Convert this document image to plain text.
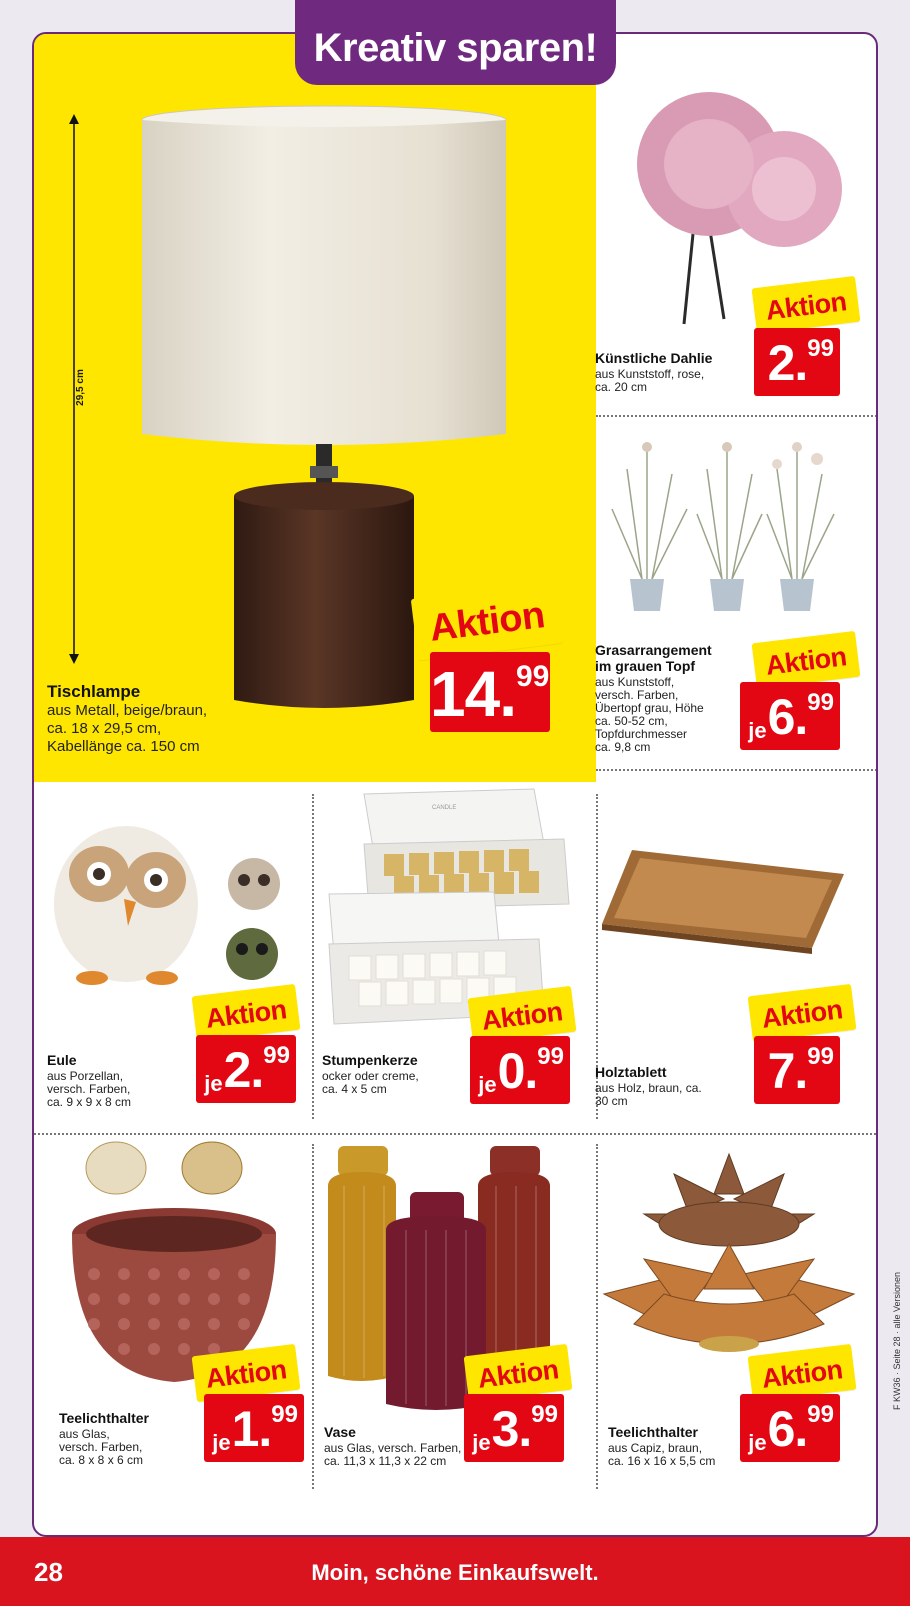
29,5 cm
Aktion
14.99
Tischlampe
aus Metall, beige/braun,
ca. 18 x 29,5 cm,
Kabellänge ca. 150 cm
Aktion
2.99
Künstliche Dahlie
aus Kunststoff, rose,
ca. 20 cm
Aktion
je6.99
Grasarrangement
im grauen Topf
aus Kunststoff,
versch. Farben,
Übertopf grau, Höhe
ca. 50-52 cm,
Topfdurchmesser
ca. 9,8 cm
Aktion
je2.99
Eule
aus Porzellan,
versch. Farben,
ca. 9 x 9 x 8 cm
CANDLE
Aktion
je0.99
Stumpenkerze
ocker oder creme,
ca. 4 x 5 cm
Aktion
7.99
Holztablett
aus Holz, braun, ca.
30 cm
Aktion
je1.99
Teelichthalter
aus Glas,
versch. Farben,
ca. 8 x 8 x 6 cm
Aktion
je3.99
Vase
aus Glas, versch. Farben,
ca. 11,3 x 11,3 x 22 cm
Aktion
je6.99
Teelichthalter
aus Capiz, braun,
ca. 16 x 16 x 5,5 cm
Kreativ sparen!
F KW36 · Seite 28 · alle Versionen
28	Moin, schöne Einkaufswelt.
